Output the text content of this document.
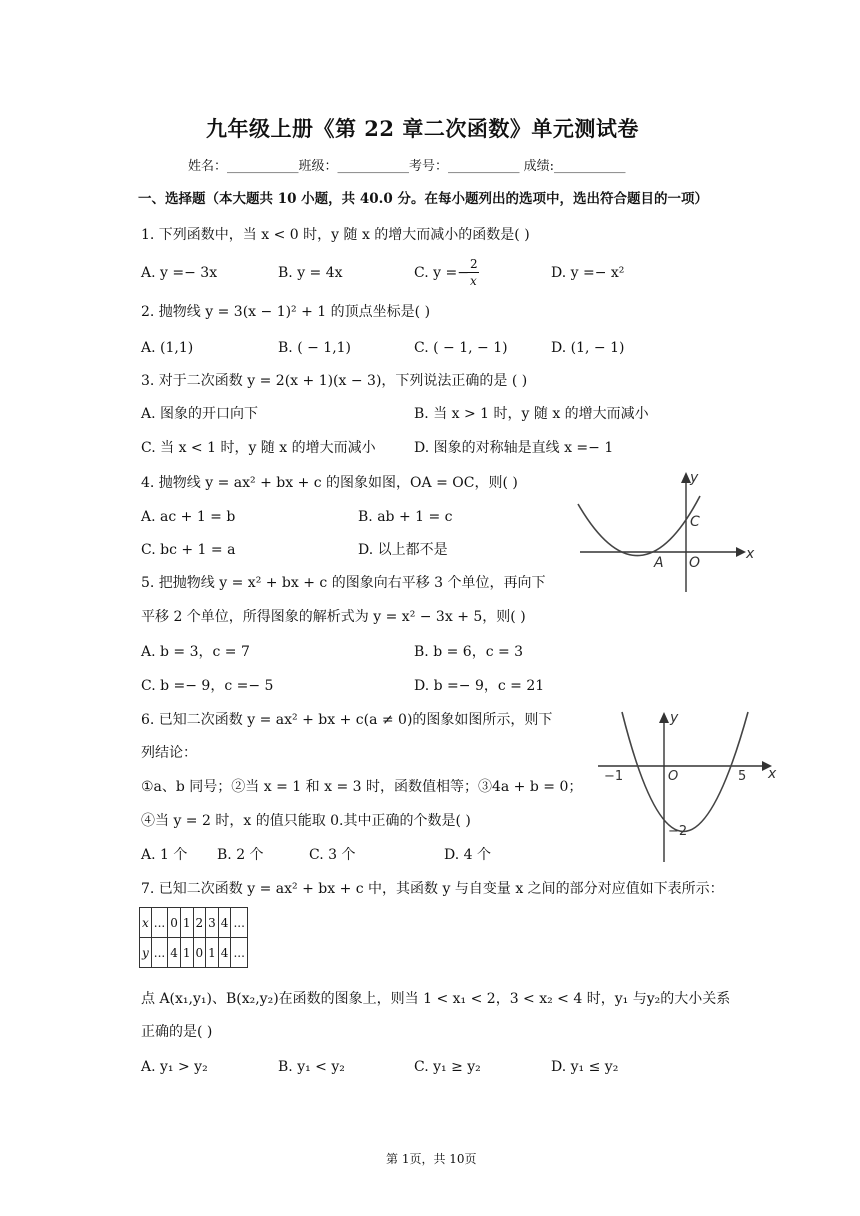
九年级上册《第 22 章二次函数》单元测试卷
姓名：___________班级：___________考号：___________ 成绩:___________
一、选择题（本大题共 10 小题，共 40.0 分。在每小题列出的选项中，选出符合题目的一项）
1. 下列函数中，当 x < 0 时，y 随 x 的增大而减小的函数是( )
A. y =− 3x	B. y = 4x	C. y =−
2
x	D. y =− x²
2. 抛物线 y = 3(x − 1)² + 1 的顶点坐标是( )
A. (1,1)	B. ( − 1,1)	C. ( − 1, − 1)	D. (1, − 1)
3. 对于二次函数 y = 2(x + 1)(x − 3)，下列说法正确的是 ( )
A. 图象的开口向下	B. 当 x > 1 时，y 随 x 的增大而减小
C. 当 x < 1 时，y 随 x 的增大而减小	D. 图象的对称轴是直线 x =− 1
4. 抛物线 y = ax² + bx + c 的图象如图，OA = OC，则( )
A. ac + 1 = b	B. ab + 1 = c
C. bc + 1 = a	D. 以上都不是
y
x
C
A O
5. 把抛物线 y = x² + bx + c 的图象向右平移 3 个单位，再向下
平移 2 个单位，所得图象的解析式为 y = x² − 3x + 5，则( )
A. b = 3，c = 7	B. b = 6，c = 3
C. b =− 9，c =− 5	D. b =− 9，c = 21
6. 已知二次函数 y = ax² + bx + c(a ≠ 0)的图象如图所示，则下
列结论：
①a、b 同号；②当 x = 1 和 x = 3 时，函数值相等；③4a + b = 0；
④当 y = 2 时，x 的值只能取 0.其中正确的个数是( )
A. 1 个 B. 2 个	C. 3 个	D. 4 个
y
x
−1	O	5
−2
7. 已知二次函数 y = ax² + bx + c 中，其函数 y 与自变量 x 之间的部分对应值如下表所示：
x	...	0	1	2	3	4	...
y	...	4	1	0	1	4	...
点 A(x₁,y₁)、B(x₂,y₂)在函数的图象上，则当 1 < x₁ < 2，3 < x₂ < 4 时，y₁ 与y₂的大小关系
正确的是( )
A. y₁ > y₂	B. y₁ < y₂	C. y₁ ≥ y₂	D. y₁ ≤ y₂
第 1页，共 10页
